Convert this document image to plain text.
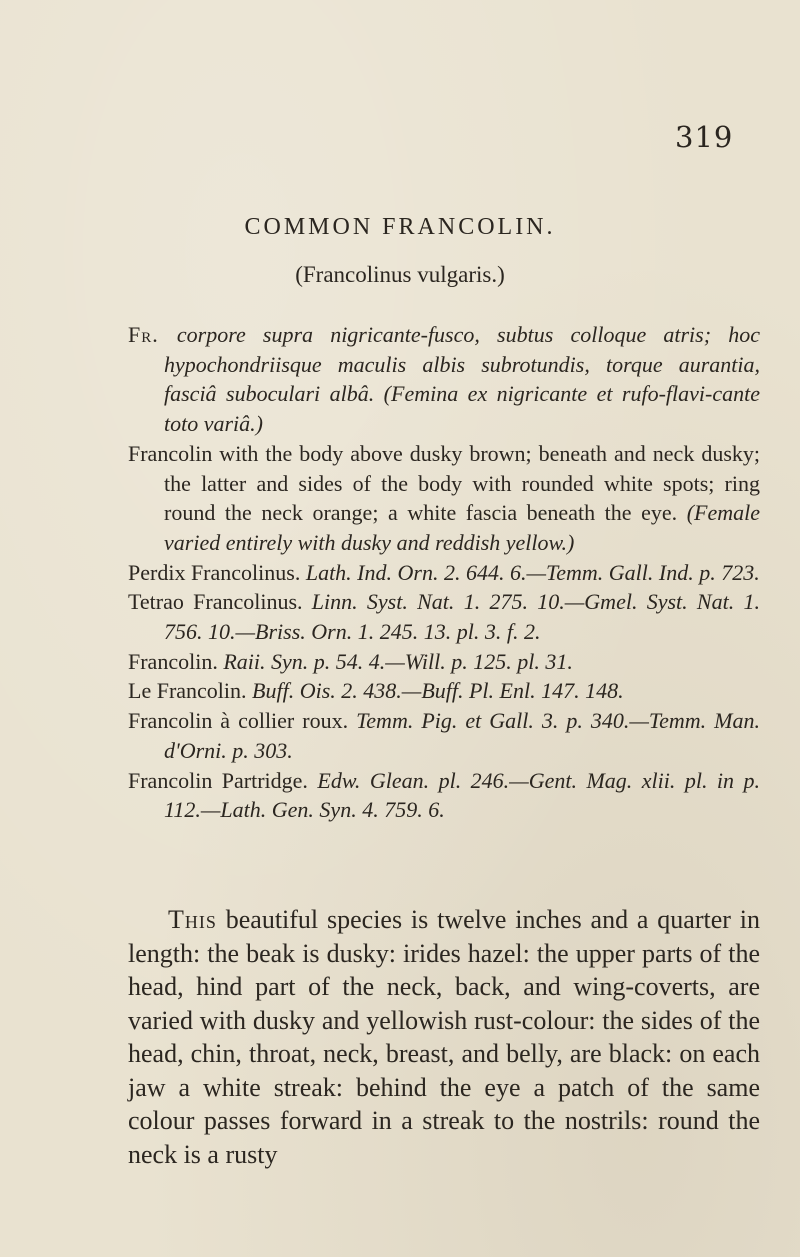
319
COMMON FRANCOLIN.
(Francolinus vulgaris.)

Fr. corpore supra nigricante-fusco, subtus colloque atris; hoc hypochondriisque maculis albis subrotundis, torque aurantia, fasciâ suboculari albâ. (Femina ex nigricante et rufo-flavi-cante toto variâ.)

Francolin with the body above dusky brown; beneath and neck dusky; the latter and sides of the body with rounded white spots; ring round the neck orange; a white fascia beneath the eye. (Female varied entirely with dusky and reddish yellow.)

Perdix Francolinus. Lath. Ind. Orn. 2. 644. 6.—Temm. Gall. Ind. p. 723.

Tetrao Francolinus. Linn. Syst. Nat. 1. 275. 10.—Gmel. Syst. Nat. 1. 756. 10.—Briss. Orn. 1. 245. 13. pl. 3. f. 2.

Francolin. Raii. Syn. p. 54. 4.—Will. p. 125. pl. 31.

Le Francolin. Buff. Ois. 2. 438.—Buff. Pl. Enl. 147. 148.

Francolin à collier roux. Temm. Pig. et Gall. 3. p. 340.—Temm. Man. d'Orni. p. 303.

Francolin Partridge. Edw. Glean. pl. 246.—Gent. Mag. xlii. pl. in p. 112.—Lath. Gen. Syn. 4. 759. 6.

This beautiful species is twelve inches and a quarter in length: the beak is dusky: irides hazel: the upper parts of the head, hind part of the neck, back, and wing-coverts, are varied with dusky and yellowish rust-colour: the sides of the head, chin, throat, neck, breast, and belly, are black: on each jaw a white streak: behind the eye a patch of the same colour passes forward in a streak to the nostrils: round the neck is a rusty
